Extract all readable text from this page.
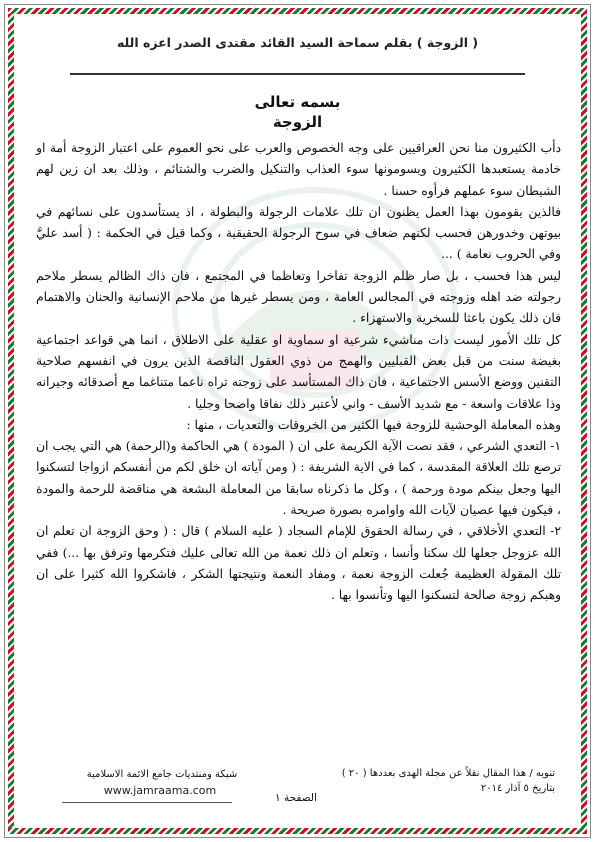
( الزوجة ) بقلم سماحة السيد القائد مقتدى الصدر اعزه الله
بسمه تعالى
الزوجة

دأب الكثيرون منا نحن العراقيين على وجه الخصوص والعرب على نحو العموم على اعتبار الزوجة أمة او خادمة يستعبدها الكثيرون ويسومونها سوء العذاب والتنكيل والضرب والشتائم ، وذلك بعد ان زين لهم الشيطان سوء عملهم فرأوه حسنا .

فالذين يقومون بهذا العمل يظنون ان تلك علامات الرجولة والبطولة ، اذ يستأسدون على نسائهم في بيوتهن وخدورهن فحسب لكنهم ضعاف في سوح الرجولة الحقيقية ، وكما قيل في الحكمة : ( أسد عليَّ وفي الحروب نعامة ) ...

ليس هذا فحسب ، بل صار ظلم الزوجة تفاخرا وتعاظما في المجتمع ، فان ذاك الظالم يسطر ملاحم رجولته ضد اهله وزوجته في المجالس العامة ، ومن يسطر غيرها من ملاحم الإنسانية والحنان والاهتمام فان ذلك يكون باعثا للسخرية والاستهزاء .

كل تلك الأمور ليست ذات مناشيء شرعية او سماوية او عقلية على الاطلاق ، انما هي قواعد اجتماعية بغيضة سنت من قبل بعض القبليين والهمج من ذوي العقول الناقصة الذين يرون في انفسهم صلاحية التقنين ووضع الأسس الاجتماعية ، فان ذاك المستأسد على زوجته تراه ناعما متناغما مع أصدقائه وجيرانه وذا علاقات واسعة - مع شديد الأسف - واني لأعتبر ذلك نفاقا واضحا وجليا .

وهذه المعاملة الوحشية للزوجة فيها الكثير من الخروقات والتعديات ، منها :

١- التعدي الشرعي ، فقد نصت الآية الكريمة على ان ( المودة ) هي الحاكمة و(الرحمة) هي التي يجب ان ترصع تلك العلاقة المقدسة ، كما في الاية الشريفة : ( ومن آياته ان خلق لكم من أنفسكم ازواجا لتسكنوا اليها وجعل بينكم مودة ورحمة ) ، وكل ما ذكرناه سابقا من المعاملة البشعة هي مناقضة للرحمة والمودة ، فيكون فيها عصيان لآيات الله واوامره بصورة صريحة .

٢- التعدي الأخلاقي ، في رسالة الحقوق للإمام السجاد ( عليه السلام ) قال : ( وحق الزوجة ان تعلم ان الله عزوجل جعلها لك سكنا وأنسا ، وتعلم ان ذلك نعمة من الله تعالى عليك فتكرمها وترفق بها ...) ففي تلك المقولة العظيمة جُعلت الزوجة نعمة ، ومفاد النعمة ونتيجتها الشكر ، فاشكروا الله كثيرا على ان وهبكم زوجة صالحة لتسكنوا اليها وتأنسوا بها .

تنويه / هذا المقال نقلاً عن مجلة الهدى بعددها ( ٢٠ )
بتاريخ ٥ آذار ٢٠١٤
شبكة ومنتديات جامع الائمة الاسلامية
www.jamraama.com
الصفحة ١
